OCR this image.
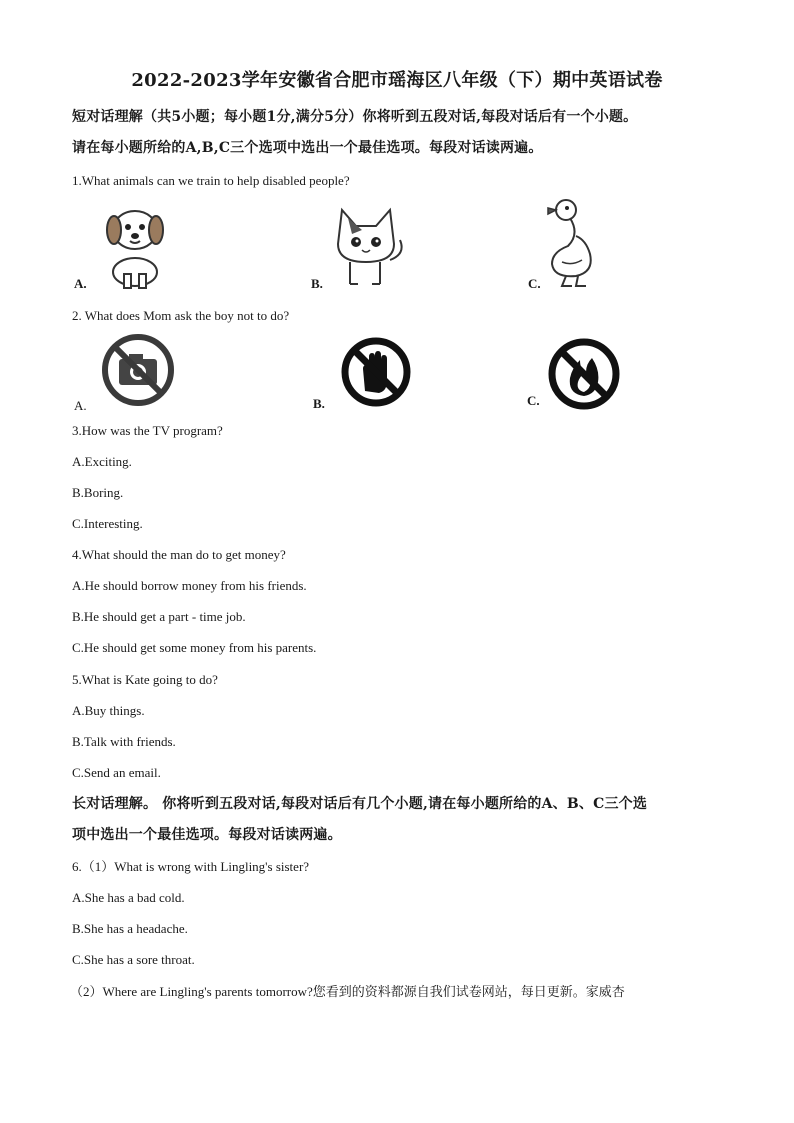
2022-2023学年安徽省合肥市瑶海区八年级（下）期中英语试卷
短对话理解（共5小题；每小题1分,满分5分）你将听到五段对话,每段对话后有一个小题。
请在每小题所给的A,B,C三个选项中选出一个最佳选项。每段对话读两遍。
1.What animals can we train to help disabled people?
A.	B.	C.
2. What does Mom ask the boy not to do?
A.	B.	C.
3.How was the TV program?
A.Exciting.
B.Boring.
C.Interesting.
4.What should the man do to get money?
A.He should borrow money from his friends.
B.He should get a part - time job.
C.He should get some money from his parents.
5.What is Kate going to do?
A.Buy things.
B.Talk with friends.
C.Send an email.
长对话理解。 你将听到五段对话,每段对话后有几个小题,请在每小题所给的A、B、C三个选
项中选出一个最佳选项。每段对话读两遍。
6.（1）What is wrong with Lingling's sister?
A.She has a bad cold.
B.She has a headache.
C.She has a sore throat.
（2）Where are Lingling's parents tomorrow?您看到的资料都源自我们试卷网站，每日更新。家威杏
